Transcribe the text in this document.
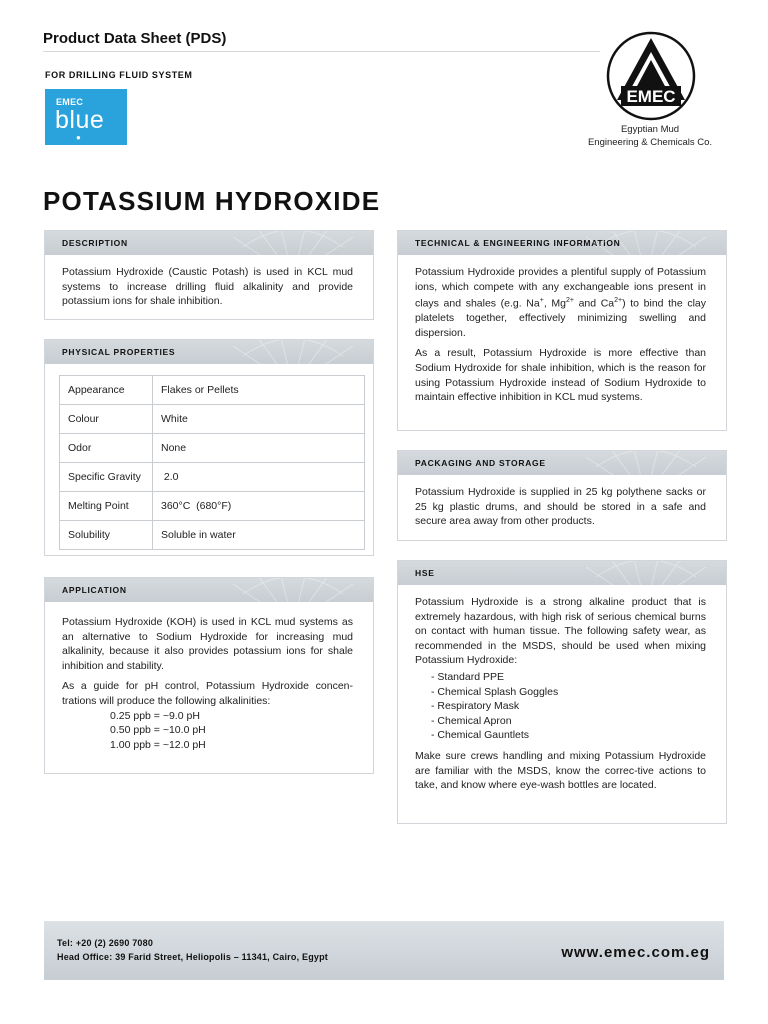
Product Data Sheet (PDS)
FOR DRILLING FLUID SYSTEM
EMEC
blue
●
EMEC
Egyptian Mud
Engineering & Chemicals Co.
POTASSIUM HYDROXIDE
DESCRIPTION

Potassium Hydroxide (Caustic Potash) is used in KCL mud systems to increase drilling fluid alkalinity and provide potassium ions for shale inhibition.

PHYSICAL PROPERTIES
Appearance	Flakes or Pellets
Colour	White
Odor	None
Specific Gravity	2.0
Melting Point	360°C  (680°F)
Solubility	Soluble in water
APPLICATION

Potassium Hydroxide (KOH) is used in KCL mud systems as an alternative to Sodium Hydroxide for increasing mud alkalinity, because it also provides potassium ions for shale inhibition and stability.

As a guide for pH control, Potassium Hydroxide concen-trations will produce the following alkalinities:

0.25 ppb = ~9.0 pH
0.50 ppb = ~10.0 pH
1.00 ppb = ~12.0 pH
TECHNICAL & ENGINEERING INFORMATION

Potassium Hydroxide provides a plentiful supply of Potassium ions, which compete with any exchangeable ions present in clays and shales (e.g. Na+, $Mg^{2+}$ and $Ca^{2+}$) to bind the clay platelets together, effectively minimizing swelling and dispersion.

As a result, Potassium Hydroxide is more effective than Sodium Hydroxide for shale inhibition, which is the reason for using Potassium Hydroxide instead of Sodium Hydroxide to maintain effective inhibition in KCL mud systems.

PACKAGING AND STORAGE

Potassium Hydroxide is supplied in 25 kg polythene sacks or 25 kg plastic drums, and should be stored in a safe and secure area away from other products.

HSE

Potassium Hydroxide is a strong alkaline product that is extremely hazardous, with high risk of serious chemical burns on contact with human tissue. The following safety wear, as recommended in the MSDS, should be used when mixing Potassium Hydroxide:

- Standard PPE
- Chemical Splash Goggles
- Respiratory Mask
- Chemical Apron
- Chemical Gauntlets

Make sure crews handling and mixing Potassium Hydroxide are familiar with the MSDS, know the correc-tive actions to take, and know where eye-wash bottles are located.

Tel: +20 (2) 2690 7080
Head Office: 39 Farid Street, Heliopolis – 11341, Cairo, Egypt	www.emec.com.eg
